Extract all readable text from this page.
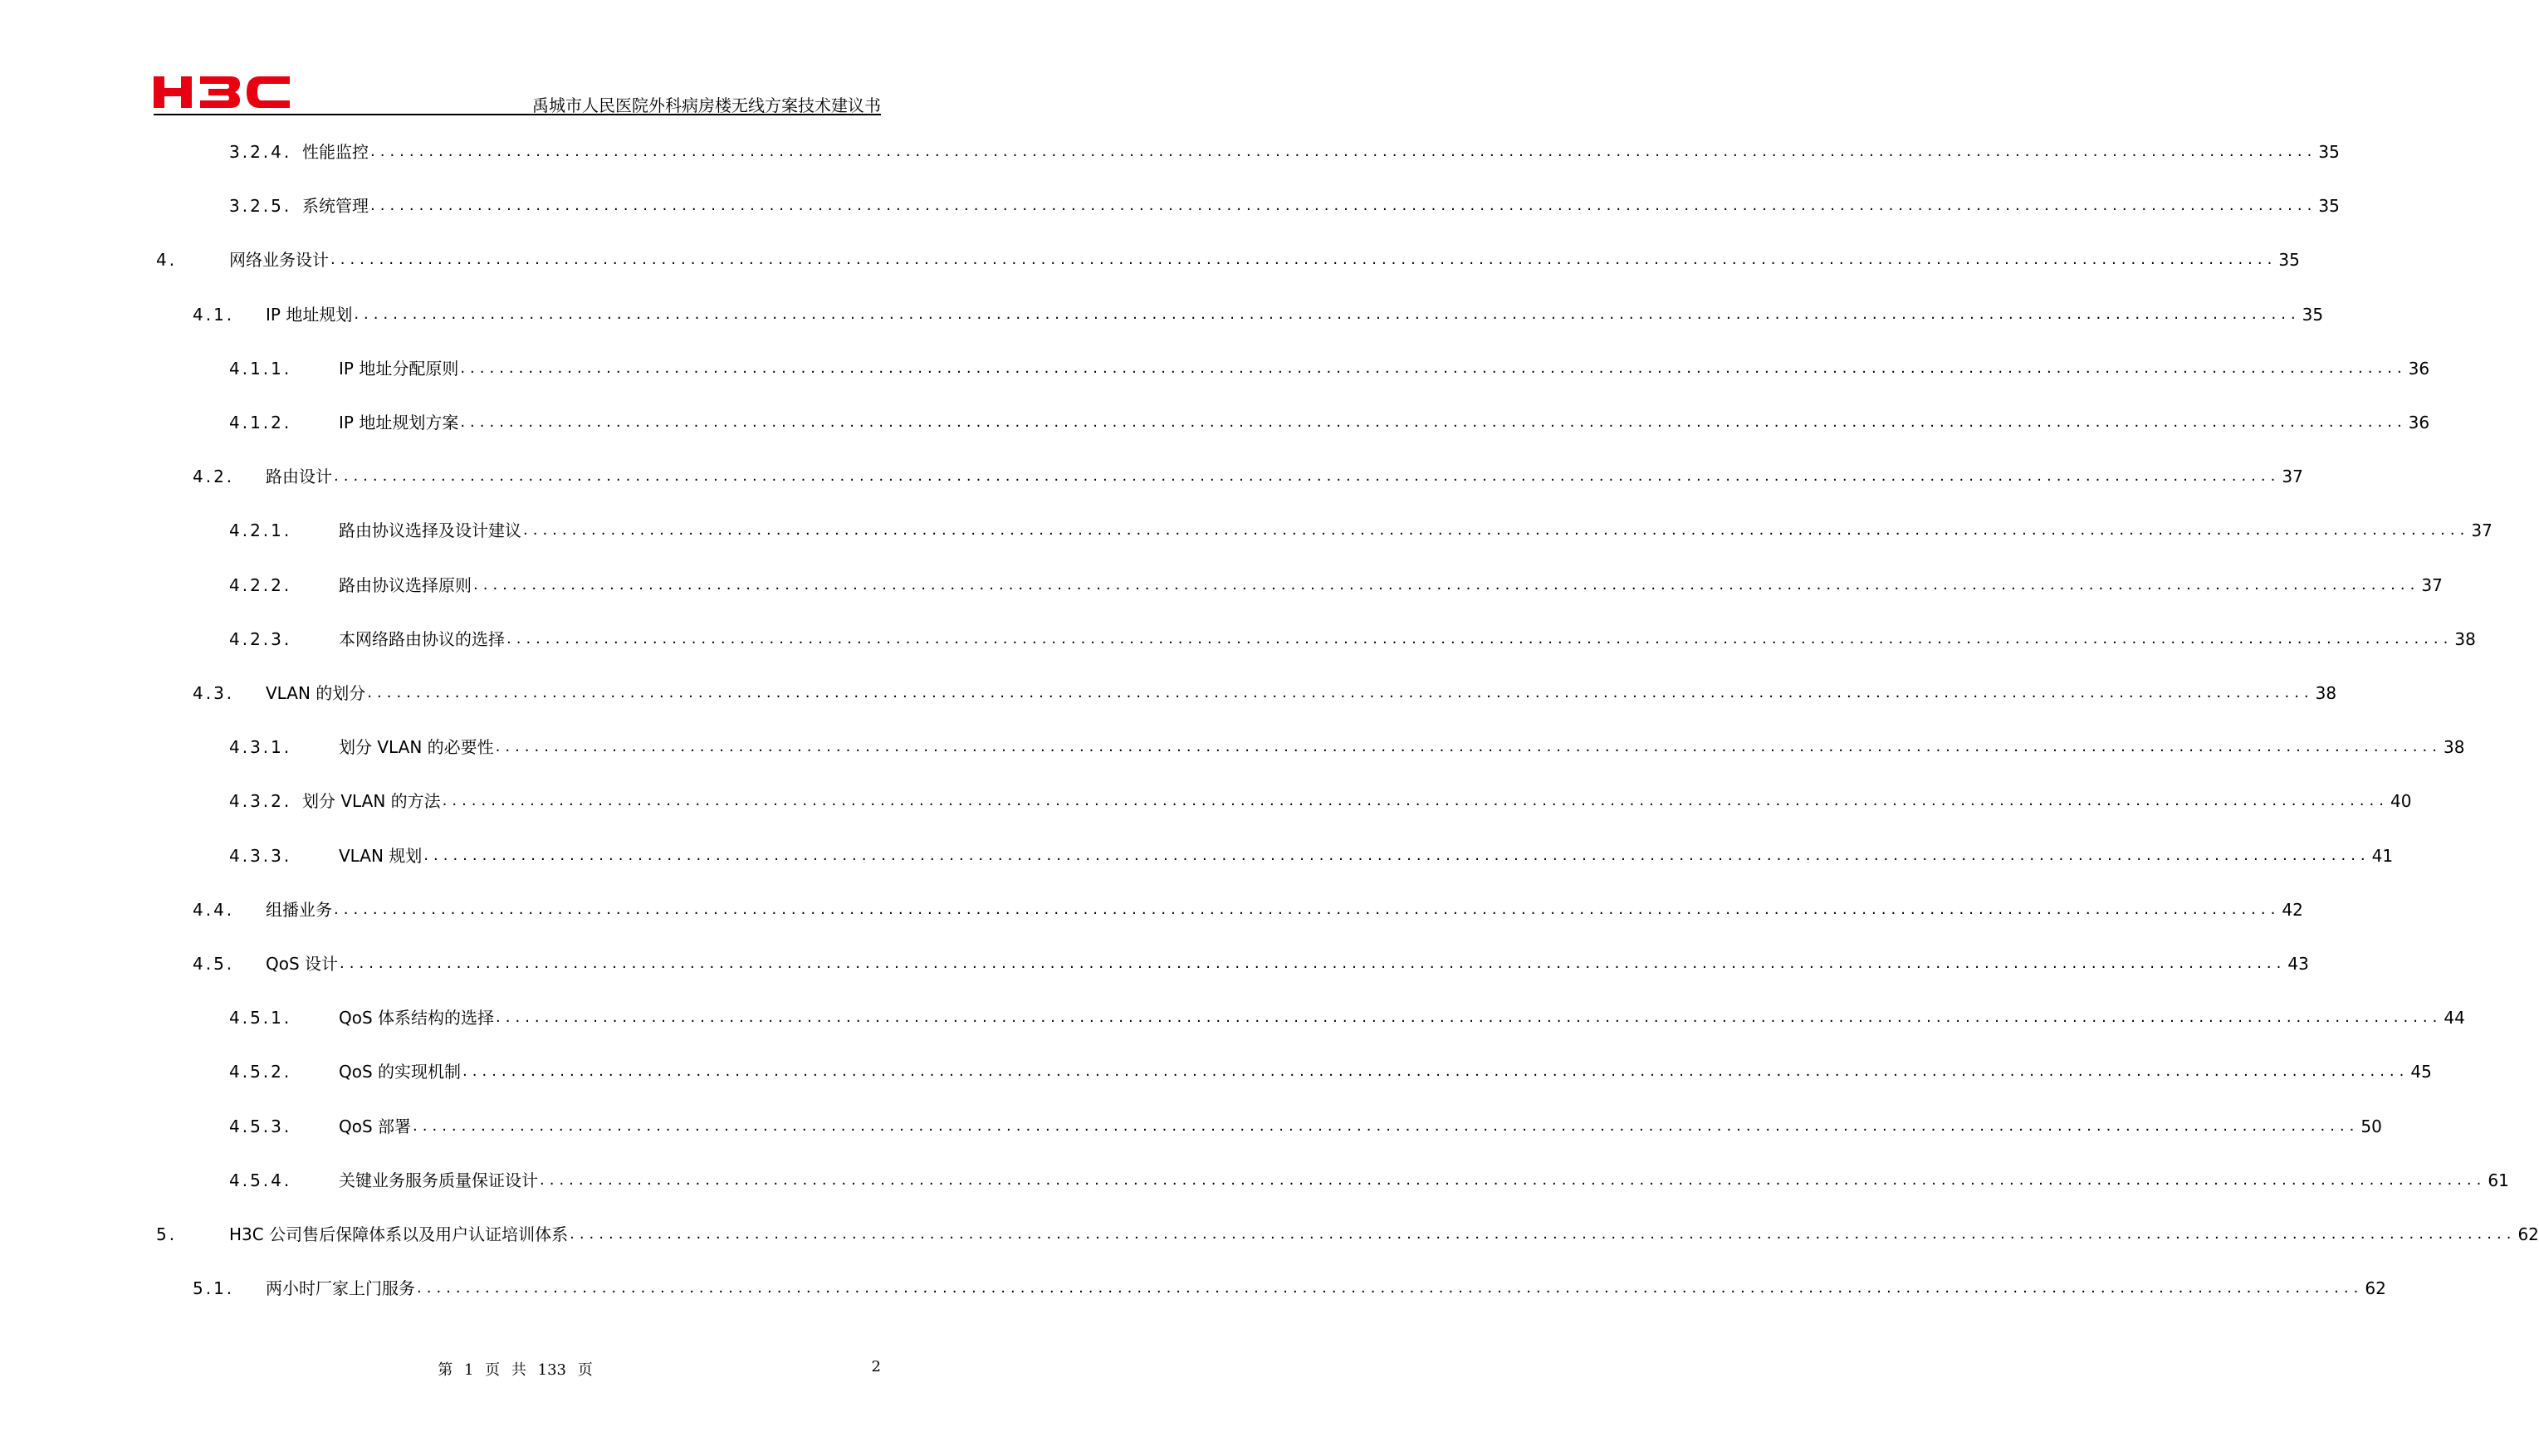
禹城市人民医院外科病房楼无线方案技术建议书
3.2.4. 性能监控 ........................................................................................................................................................................................................ 35
3.2.5. 系统管理 ........................................................................................................................................................................................................ 35
4.	网络业务设计 ........................................................................................................................................................................................................ 35
4.1. IP 地址规划 ........................................................................................................................................................................................................ 35
4.1.1.	IP 地址分配原则 ........................................................................................................................................................................................................ 36
4.1.2.	IP 地址规划方案 ........................................................................................................................................................................................................ 36
4.2. 路由设计 ........................................................................................................................................................................................................ 37
4.2.1.	路由协议选择及设计建议 ........................................................................................................................................................................................................ 37
4.2.2.	路由协议选择原则 ........................................................................................................................................................................................................ 37
4.2.3.	本网络路由协议的选择 ........................................................................................................................................................................................................ 38
4.3. VLAN 的划分 ........................................................................................................................................................................................................ 38
4.3.1.	划分 VLAN 的必要性 ........................................................................................................................................................................................................ 38
4.3.2. 划分 VLAN 的方法 ........................................................................................................................................................................................................ 40
4.3.3.	VLAN 规划 ........................................................................................................................................................................................................ 41
4.4. 组播业务 ........................................................................................................................................................................................................ 42
4.5. QoS 设计 ........................................................................................................................................................................................................ 43
4.5.1.	QoS 体系结构的选择 ........................................................................................................................................................................................................ 44
4.5.2.	QoS 的实现机制 ........................................................................................................................................................................................................ 45
4.5.3.	QoS 部署 ........................................................................................................................................................................................................ 50
4.5.4.	关键业务服务质量保证设计 ........................................................................................................................................................................................................ 61
5.	H3C 公司售后保障体系以及用户认证培训体系 ........................................................................................................................................................................................................ 62
5.1. 两小时厂家上门服务 ........................................................................................................................................................................................................ 62
第 1 页 共 133 页	2
